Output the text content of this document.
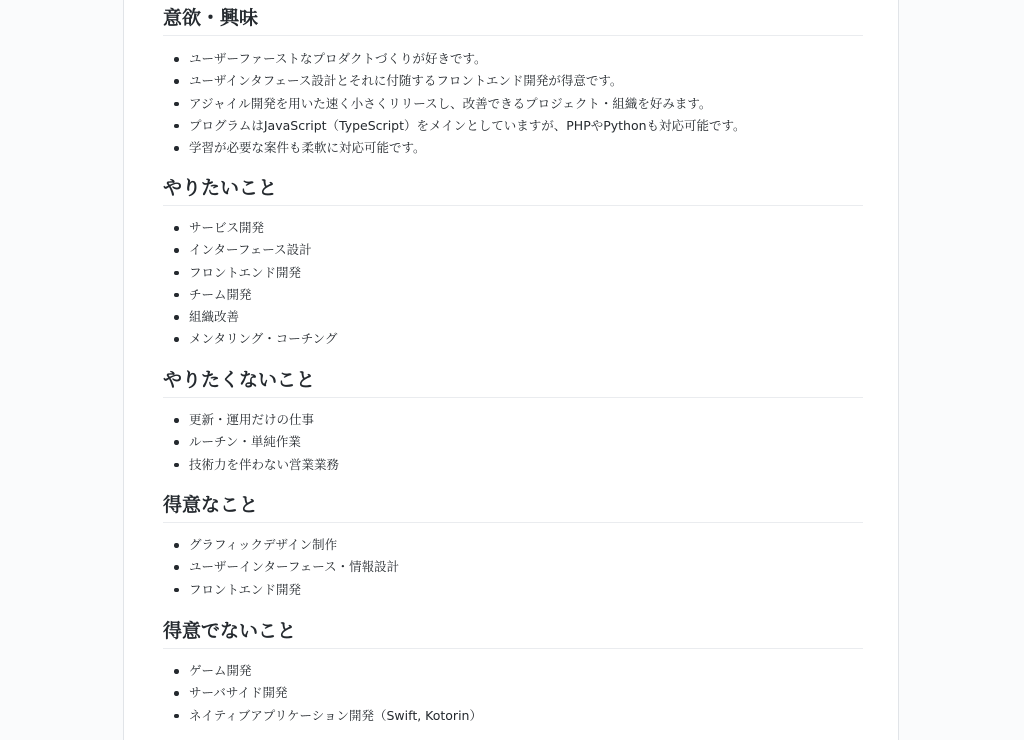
意欲・興味
ユーザーファーストなプロダクトづくりが好きです。
ユーザインタフェース設計とそれに付随するフロントエンド開発が得意です。
アジャイル開発を用いた速く小さくリリースし、改善できるプロジェクト・組織を好みます。
プログラムはJavaScript（TypeScript）をメインとしていますが、PHPやPythonも対応可能です。
学習が必要な案件も柔軟に対応可能です。
やりたいこと
サービス開発
インターフェース設計
フロントエンド開発
チーム開発
組織改善
メンタリング・コーチング
やりたくないこと
更新・運用だけの仕事
ルーチン・単純作業
技術力を伴わない営業業務
得意なこと
グラフィックデザイン制作
ユーザーインターフェース・情報設計
フロントエンド開発
得意でないこと
ゲーム開発
サーバサイド開発
ネイティブアプリケーション開発（Swift, Kotorin）
